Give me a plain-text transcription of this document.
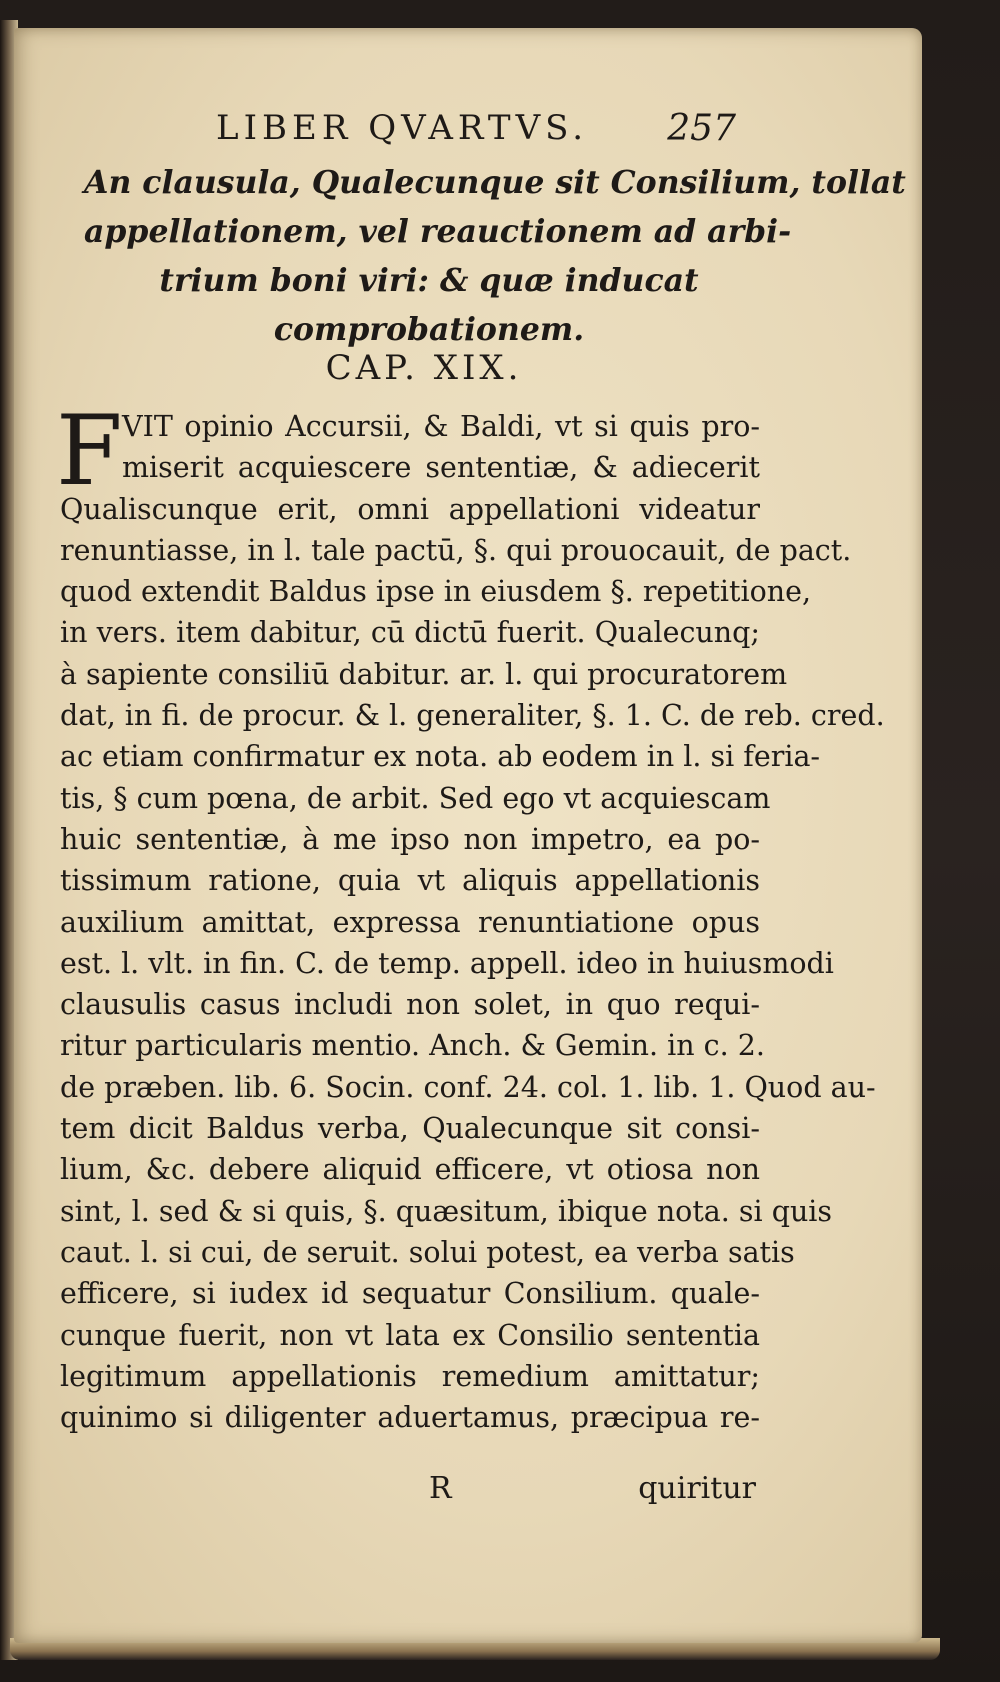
LIBER QVARTVS. 257
An clausula, Qualecunque sit Consilium, tollat
appellationem, vel reauctionem ad arbi-
trium boni viri: & quæ inducat
comprobationem.
CAP. XIX.
F VIT opinio Accursii, & Baldi, vt si quis pro-
miserit acquiescere sententiæ, & adiecerit
Qualiscunque erit, omni appellationi videatur
renuntiasse, in l. tale pactū, §. qui prouocauit, de pact.
quod extendit Baldus ipse in eiusdem §. repetitione,
in vers. item dabitur, cū dictū fuerit. Qualecunq;
à sapiente consiliū dabitur. ar. l. qui procuratorem
dat, in fi. de procur. & l. generaliter, §. 1. C. de reb. cred.
ac etiam confirmatur ex nota. ab eodem in l. si feria-
tis, § cum pœna, de arbit. Sed ego vt acquiescam
huic sententiæ, à me ipso non impetro, ea po-
tissimum ratione, quia vt aliquis appellationis
auxilium amittat, expressa renuntiatione opus
est. l. vlt. in fin. C. de temp. appell. ideo in huiusmodi
clausulis casus includi non solet, in quo requi-
ritur particularis mentio. Anch. & Gemin. in c. 2.
de præben. lib. 6. Socin. conf. 24. col. 1. lib. 1. Quod au-
tem dicit Baldus verba, Qualecunque sit consi-
lium, &c. debere aliquid efficere, vt otiosa non
sint, l. sed & si quis, §. quæsitum, ibique nota. si quis
caut. l. si cui, de seruit. solui potest, ea verba satis
efficere, si iudex id sequatur Consilium. quale-
cunque fuerit, non vt lata ex Consilio sententia
legitimum appellationis remedium amittatur;
quinimo si diligenter aduertamus, præcipua re-
R	quiritur
